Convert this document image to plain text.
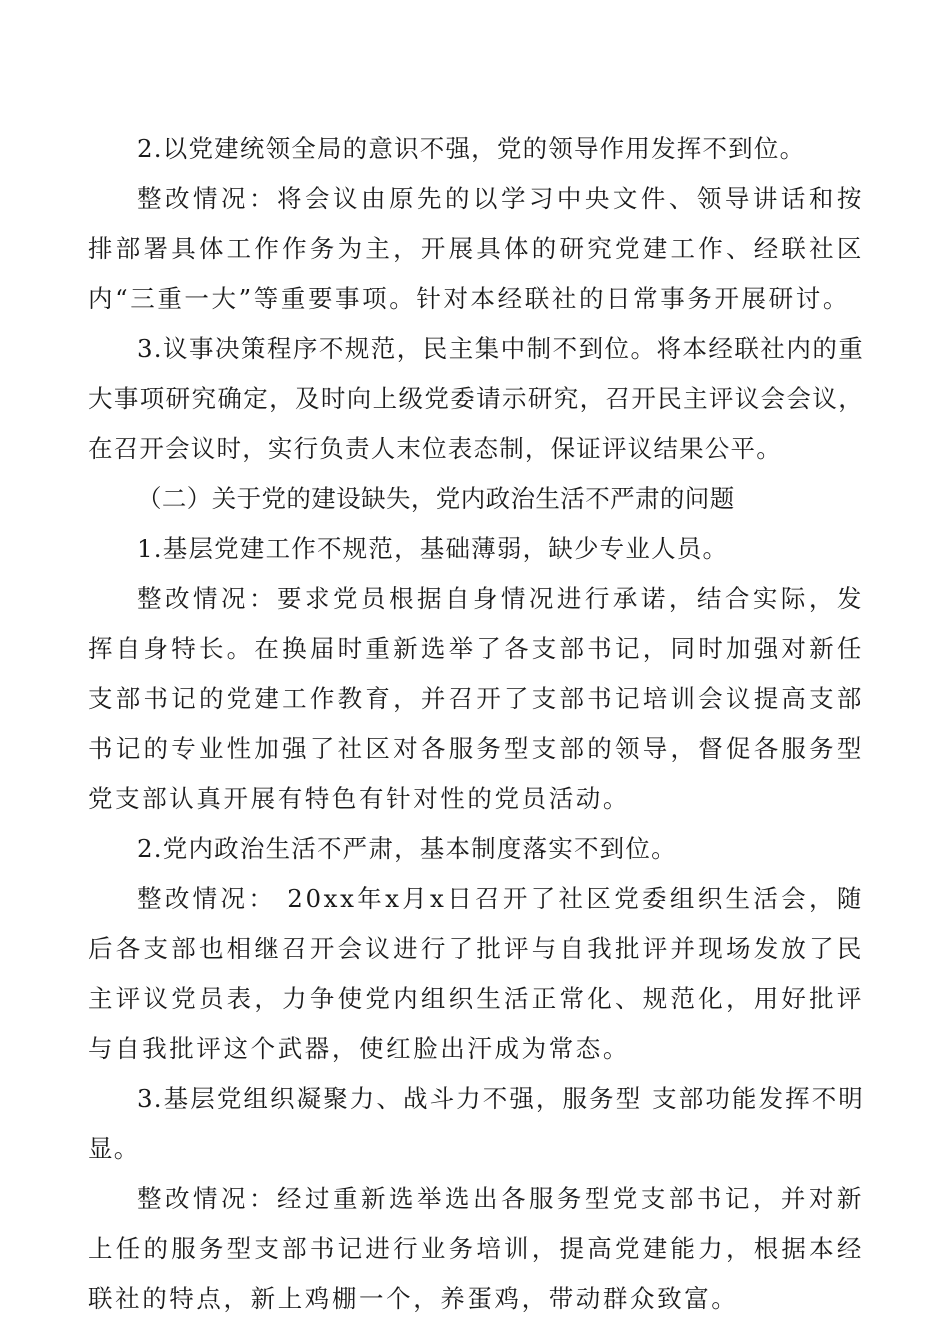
2.以党建统领全局的意识不强，党的领导作用发挥不到位。

整改情况：将会议由原先的以学习中央文件、领导讲话和按排部署具体工作作务为主，开展具体的研究党建工作、经联社区内“三重一大”等重要事项。针对本经联社的日常事务开展研讨。

3.议事决策程序不规范，民主集中制不到位。将本经联社内的重大事项研究确定，及时向上级党委请示研究，召开民主评议会会议，在召开会议时，实行负责人末位表态制，保证评议结果公平。

（二）关于党的建设缺失，党内政治生活不严肃的问题

1.基层党建工作不规范，基础薄弱，缺少专业人员。

整改情况：要求党员根据自身情况进行承诺，结合实际，发挥自身特长。在换届时重新选举了各支部书记，同时加强对新任支部书记的党建工作教育，并召开了支部书记培训会议提高支部书记的专业性加强了社区对各服务型支部的领导，督促各服务型党支部认真开展有特色有针对性的党员活动。

2.党内政治生活不严肃，基本制度落实不到位。

整改情况： 20xx年x月x日召开了社区党委组织生活会，随后各支部也相继召开会议进行了批评与自我批评并现场发放了民主评议党员表，力争使党内组织生活正常化、规范化，用好批评与自我批评这个武器，使红脸出汗成为常态。

3.基层党组织凝聚力、战斗力不强，服务型 支部功能发挥不明显。

整改情况：经过重新选举选出各服务型党支部书记，并对新上任的服务型支部书记进行业务培训，提高党建能力，根据本经联社的特点，新上鸡棚一个，养蛋鸡，带动群众致富。
